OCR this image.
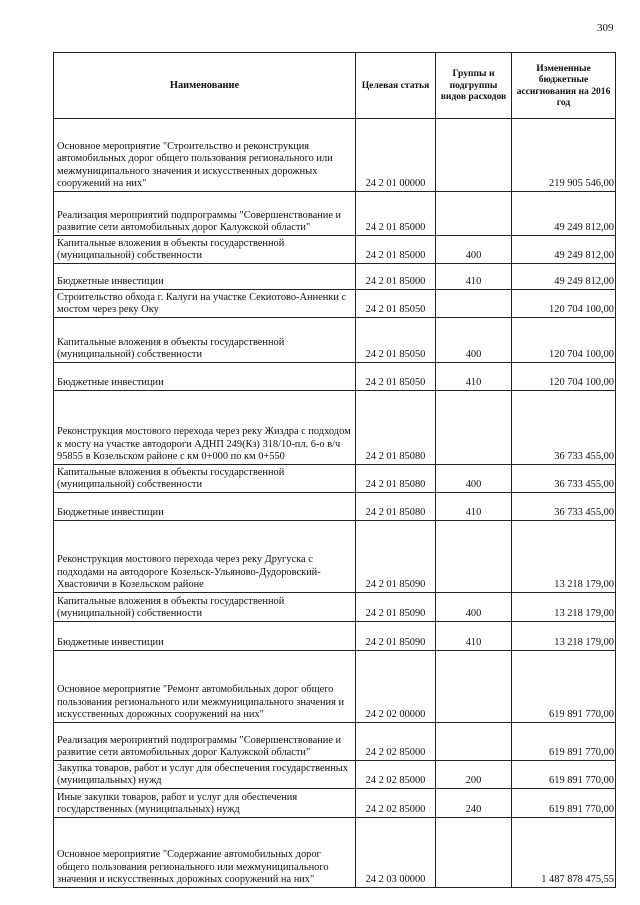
309
Наименование	Целевая статья	Группы и подгруппы видов расходов	Измененные бюджетные ассигнования на 2016 год
Основное мероприятие "Строительство и реконструкция автомобильных дорог общего пользования регионального или межмуниципального значения и искусственных дорожных сооружений на них"	24 2 01 00000		219 905 546,00
Реализация мероприятий подпрограммы "Совершенствование и развитие сети автомобильных дорог Калужской области"	24 2 01 85000		49 249 812,00
Капитальные вложения в объекты государственной (муниципальной) собственности	24 2 01 85000	400	49 249 812,00
Бюджетные инвестиции	24 2 01 85000	410	49 249 812,00
Строительство обхода г. Калуги на участке Секиотово-Анненки с мостом через реку Оку	24 2 01 85050		120 704 100,00
Капитальные вложения в объекты государственной (муниципальной) собственности	24 2 01 85050	400	120 704 100,00
Бюджетные инвестиции	24 2 01 85050	410	120 704 100,00
Реконструкция мостового перехода через реку Жиздра с подходом к мосту на участке автодороги АДНП 249(Кз) 318/10-пл. 6-о в/ч 95855 в Козельском районе с км 0+000 по км 0+550	24 2 01 85080		36 733 455,00
Капитальные вложения в объекты государственной (муниципальной) собственности	24 2 01 85080	400	36 733 455,00
Бюджетные инвестиции	24 2 01 85080	410	36 733 455,00
Реконструкция мостового перехода через реку Другуска с подходами на автодороге Козельск-Ульяново-Дудоровский-Хвастовичи в Козельском районе	24 2 01 85090		13 218 179,00
Капитальные вложения в объекты государственной (муниципальной) собственности	24 2 01 85090	400	13 218 179,00
Бюджетные инвестиции	24 2 01 85090	410	13 218 179,00
Основное мероприятие "Ремонт автомобильных дорог общего пользования регионального или межмуниципального значения и искусственных дорожных сооружений на них"	24 2 02 00000		619 891 770,00
Реализация мероприятий подпрограммы "Совершенствование и развитие сети автомобильных дорог Калужской области"	24 2 02 85000		619 891 770,00
Закупка товаров, работ и услуг для обеспечения государственных (муниципальных) нужд	24 2 02 85000	200	619 891 770,00
Иные закупки товаров, работ и услуг для обеспечения государственных (муниципальных) нужд	24 2 02 85000	240	619 891 770,00
Основное мероприятие "Содержание автомобильных дорог общего пользования регионального или межмуниципального значения и искусственных дорожных сооружений на них"	24 2 03 00000		1 487 878 475,55
